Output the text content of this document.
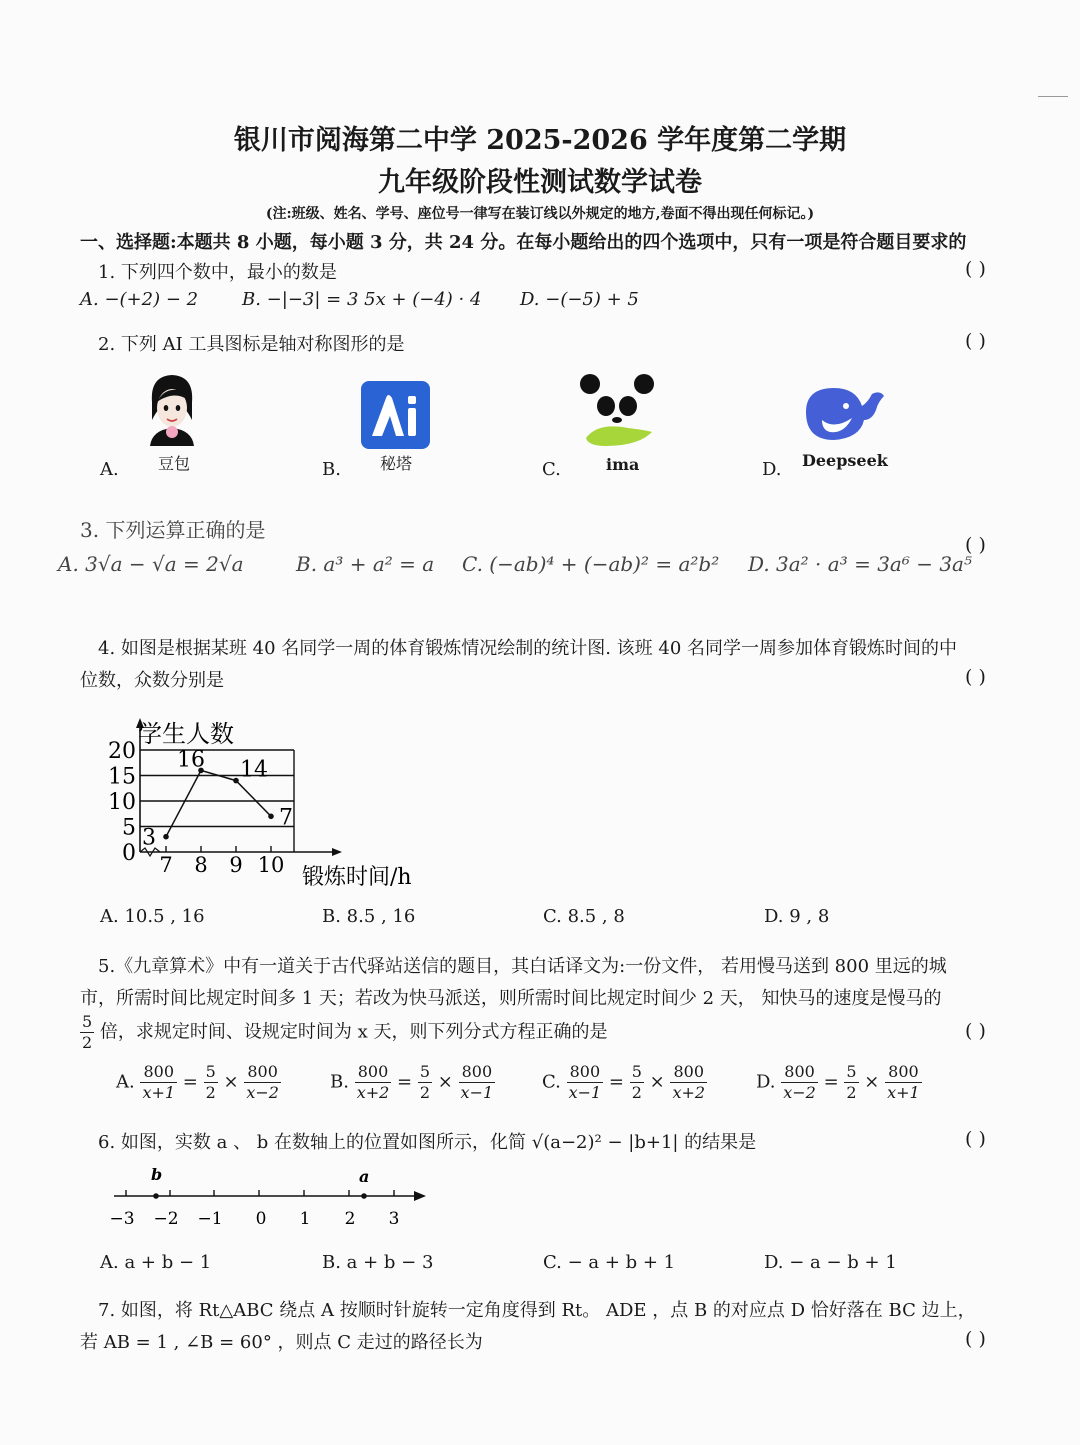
银川市阅海第二中学 2025-2026 学年度第二学期
九年级阶段性测试数学试卷
(注:班级、姓名、学号、座位号一律写在装订线以外规定的地方,卷面不得出现任何标记。)
一、选择题:本题共 8 小题，每小题 3 分，共 24 分。在每小题给出的四个选项中，只有一项是符合题目要求的
1. 下列四个数中，最小的数是	( )
A. −(+2) − 2 B. −|−3| = 3 5x + (−4) · 4 D. −(−5) + 5
2. 下列 AI 工具图标是轴对称图形的是	( )
A. 豆包	B. 秘塔	C.	ima	D. Deepseek
3. 下列运算正确的是
( )
A. 3√a − √a = 2√a	B. a³ + a² = a C. (−ab)⁴ + (−ab)² = a²b² D. 3a² · a³ = 3a⁶ − 3a⁵
4. 如图是根据某班 40 名同学一周的体育锻炼情况绘制的统计图. 该班 40 名同学一周参加体育锻炼时间的中
位数，众数分别是	( )
0
5
10
15
20
7 8 9 10
3
16 14
7
学生人数
锻炼时间/h
A. 10.5 , 16	B. 8.5 , 16	C. 8.5 , 8	D. 9 , 8
5.《九章算术》中有一道关于古代驿站送信的题目，其白话译文为:一份文件， 若用慢马送到 800 里远的城
市，所需时间比规定时间多 1 天；若改为快马派送，则所需时间比规定时间少 2 天， 知快马的速度是慢马的
$\frac{5}{2}$ 倍，求规定时间、设规定时间为 x 天，则下列分式方程正确的是	( )
A. $\frac{800}{x+1} = \frac{5}{2} \times \frac{800}{x-2}$	B. $\frac{800}{x+2} = \frac{5}{2} \times \frac{800}{x-1}$	C. $\frac{800}{x-1} = \frac{5}{2} \times \frac{800}{x+2}$	D. $\frac{800}{x-2} = \frac{5}{2} \times \frac{800}{x+1}$
6. 如图，实数 a 、 b 在数轴上的位置如图所示，化简 √(a−2)² − |b+1| 的结果是	( )
b	a
−3 −2 −1 0 1 2 3
A. a + b − 1	B. a + b − 3	C. − a + b + 1	D. − a − b + 1
7. 如图，将 Rt△ABC 绕点 A 按顺时针旋转一定角度得到 Rt。 ADE ，点 B 的对应点 D 恰好落在 BC 边上，
若 AB = 1 , ∠B = 60° ，则点 C 走过的路径长为	( )
